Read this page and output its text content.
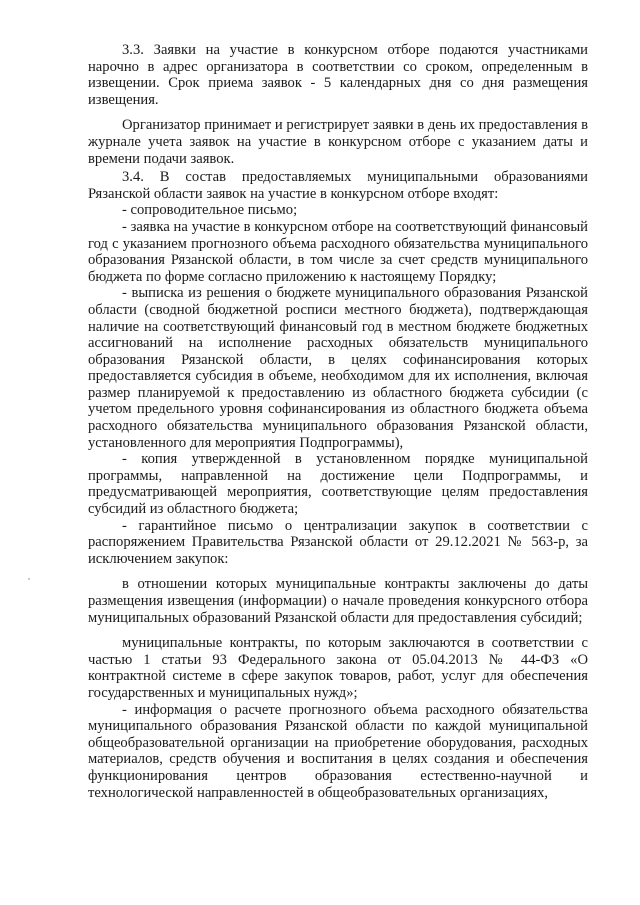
3.3. Заявки на участие в конкурсном отборе подаются участниками нарочно в адрес организатора в соответствии со сроком, определенным в извещении. Срок приема заявок - 5 календарных дня со дня размещения извещения.

Организатор принимает и регистрирует заявки в день их предоставления в журнале учета заявок на участие в конкурсном отборе с указанием даты и времени подачи заявок.

3.4. В состав предоставляемых муниципальными образованиями Рязанской области заявок на участие в конкурсном отборе входят:

- сопроводительное письмо;

- заявка на участие в конкурсном отборе на соответствующий финансовый год с указанием прогнозного объема расходного обязательства муниципального образования Рязанской области, в том числе за счет средств муниципального бюджета по форме согласно приложению к настоящему Порядку;

- выписка из решения о бюджете муниципального образования Рязанской области (сводной бюджетной росписи местного бюджета), подтверждающая наличие на соответствующий финансовый год в местном бюджете бюджетных ассигнований на исполнение расходных обязательств муниципального образования Рязанской области, в целях софинансирования которых предоставляется субсидия в объеме, необходимом для их исполнения, включая размер планируемой к предоставлению из областного бюджета субсидии (с учетом предельного уровня софинансирования из областного бюджета объема расходного обязательства муниципального образования Рязанской области, установленного для мероприятия Подпрограммы),

- копия утвержденной в установленном порядке муниципальной программы, направленной на достижение цели Подпрограммы, и предусматривающей мероприятия, соответствующие целям предоставления субсидий из областного бюджета;

- гарантийное письмо о централизации закупок в соответствии с распоряжением Правительства Рязанской области от 29.12.2021 № 563-р, за исключением закупок:

в отношении которых муниципальные контракты заключены до даты размещения извещения (информации) о начале проведения конкурсного отбора муниципальных образований Рязанской области для предоставления субсидий;

муниципальные контракты, по которым заключаются в соответствии с частью 1 статьи 93 Федерального закона от 05.04.2013 № 44-ФЗ «О контрактной системе в сфере закупок товаров, работ, услуг для обеспечения государственных и муниципальных нужд»;

- информация о расчете прогнозного объема расходного обязательства муниципального образования Рязанской области по каждой муниципальной общеобразовательной организации на приобретение оборудования, расходных материалов, средств обучения и воспитания в целях создания и обеспечения функционирования центров образования естественно-научной и технологической направленностей в общеобразовательных организациях,
